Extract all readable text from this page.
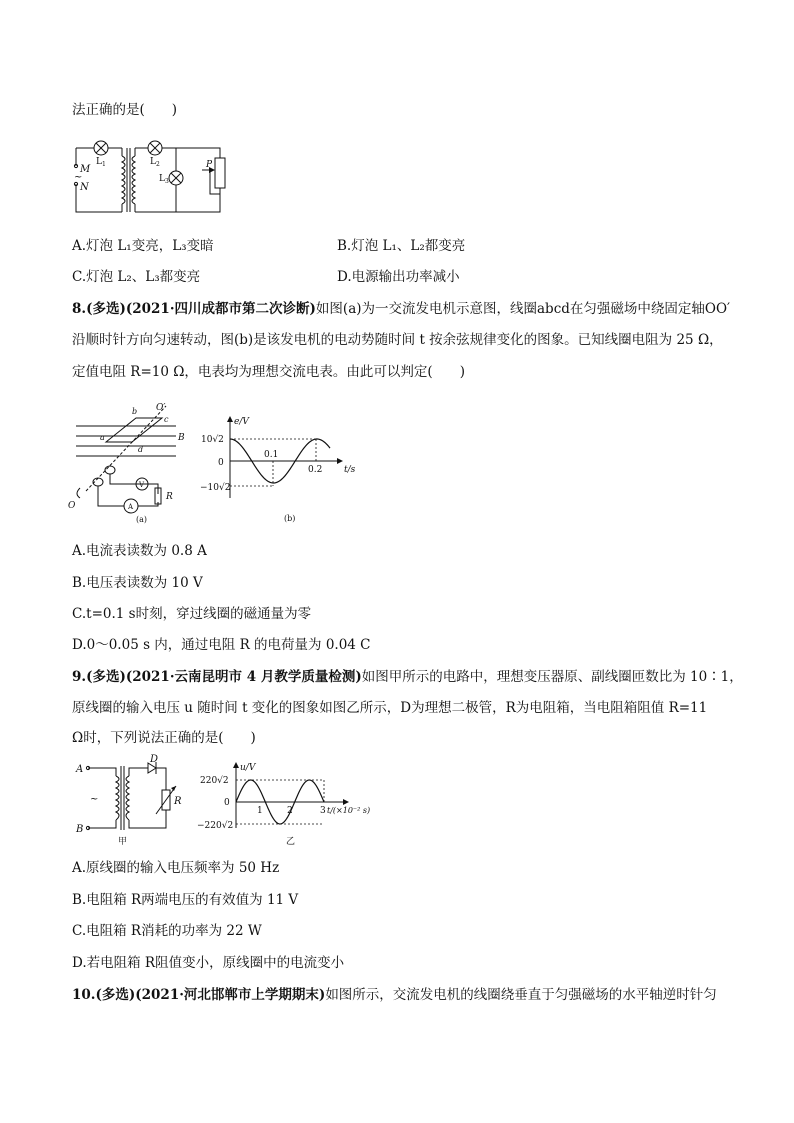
法正确的是(　　)
M
~
N
L 1	L 2
L 3
P
A.灯泡 L₁变亮，L₃变暗	B.灯泡 L₁、L₂都变亮
C.灯泡 L₂、L₃都变亮	D.电源输出功率减小
8.(多选)(2021·四川成都市第二次诊断)如图(a)为一交流发电机示意图，线圈abcd在匀强磁场中绕固定轴OO′
沿顺时针方向匀速转动，图(b)是该发电机的电动势随时间 t 按余弦规律变化的图象。已知线圈电阻为 25 Ω，
定值电阻 R=10 Ω，电表均为理想交流电表。由此可以判定(　　)
O′
O
b
c
a
d
B
V
A
R
(a)
e/V
10√2
0
−10√2
0.1
0.2 t/s
(b)
A.电流表读数为 0.8 A
B.电压表读数为 10 V
C.t=0.1 s时刻，穿过线圈的磁通量为零
D.0～0.05 s 内，通过电阻 R 的电荷量为 0.04 C
9.(多选)(2021·云南昆明市 4 月教学质量检测)如图甲所示的电路中，理想变压器原、副线圈匝数比为 10∶1，
原线圈的输入电压 u 随时间 t 变化的图象如图乙所示，D为理想二极管，R为电阻箱，当电阻箱阻值 R=11
Ω时，下列说法正确的是(　　)
A
~
B
D
R
甲
u/V
220√2
0
−220√2
1	2	3 t/(×10⁻² s)
乙
A.原线圈的输入电压频率为 50 Hz
B.电阻箱 R两端电压的有效值为 11 V
C.电阻箱 R消耗的功率为 22 W
D.若电阻箱 R阻值变小，原线圈中的电流变小
10.(多选)(2021·河北邯郸市上学期期末)如图所示，交流发电机的线圈绕垂直于匀强磁场的水平轴逆时针匀
